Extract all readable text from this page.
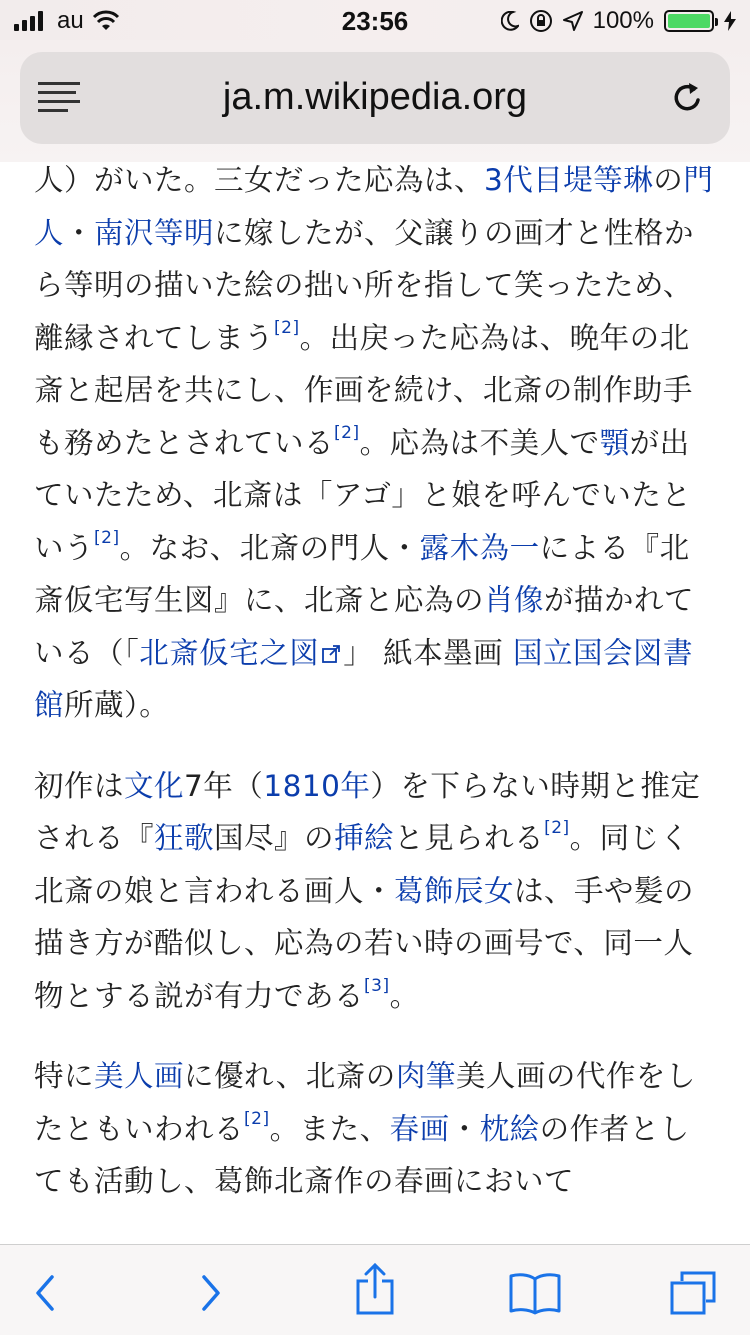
au	23:56	100%
ja.m.wikipedia.org

人）がいた。三女だった応為は、3代目堤等琳の門人・南沢等明に嫁したが、父譲りの画才と性格から等明の描いた絵の拙い所を指して笑ったため、離縁されてしまう[2]。出戻った応為は、晩年の北斎と起居を共にし、作画を続け、北斎の制作助手も務めたとされている[2]。応為は不美人で顎が出ていたため、北斎は「アゴ」と娘を呼んでいたという[2]。なお、北斎の門人・露木為一による『北斎仮宅写生図』に、北斎と応為の肖像が描かれている（「北斎仮宅之図 」 紙本墨画 国立国会図書館所蔵）。

初作は文化7年（1810年）を下らない時期と推定される『狂歌国尽』の挿絵と見られる[2]。同じく北斎の娘と言われる画人・葛飾辰女は、手や髪の描き方が酷似し、応為の若い時の画号で、同一人物とする説が有力である[3]。

特に美人画に優れ、北斎の肉筆美人画の代作をしたともいわれる[2]。また、春画・枕絵の作者としても活動し、葛飾北斎作の春画において
